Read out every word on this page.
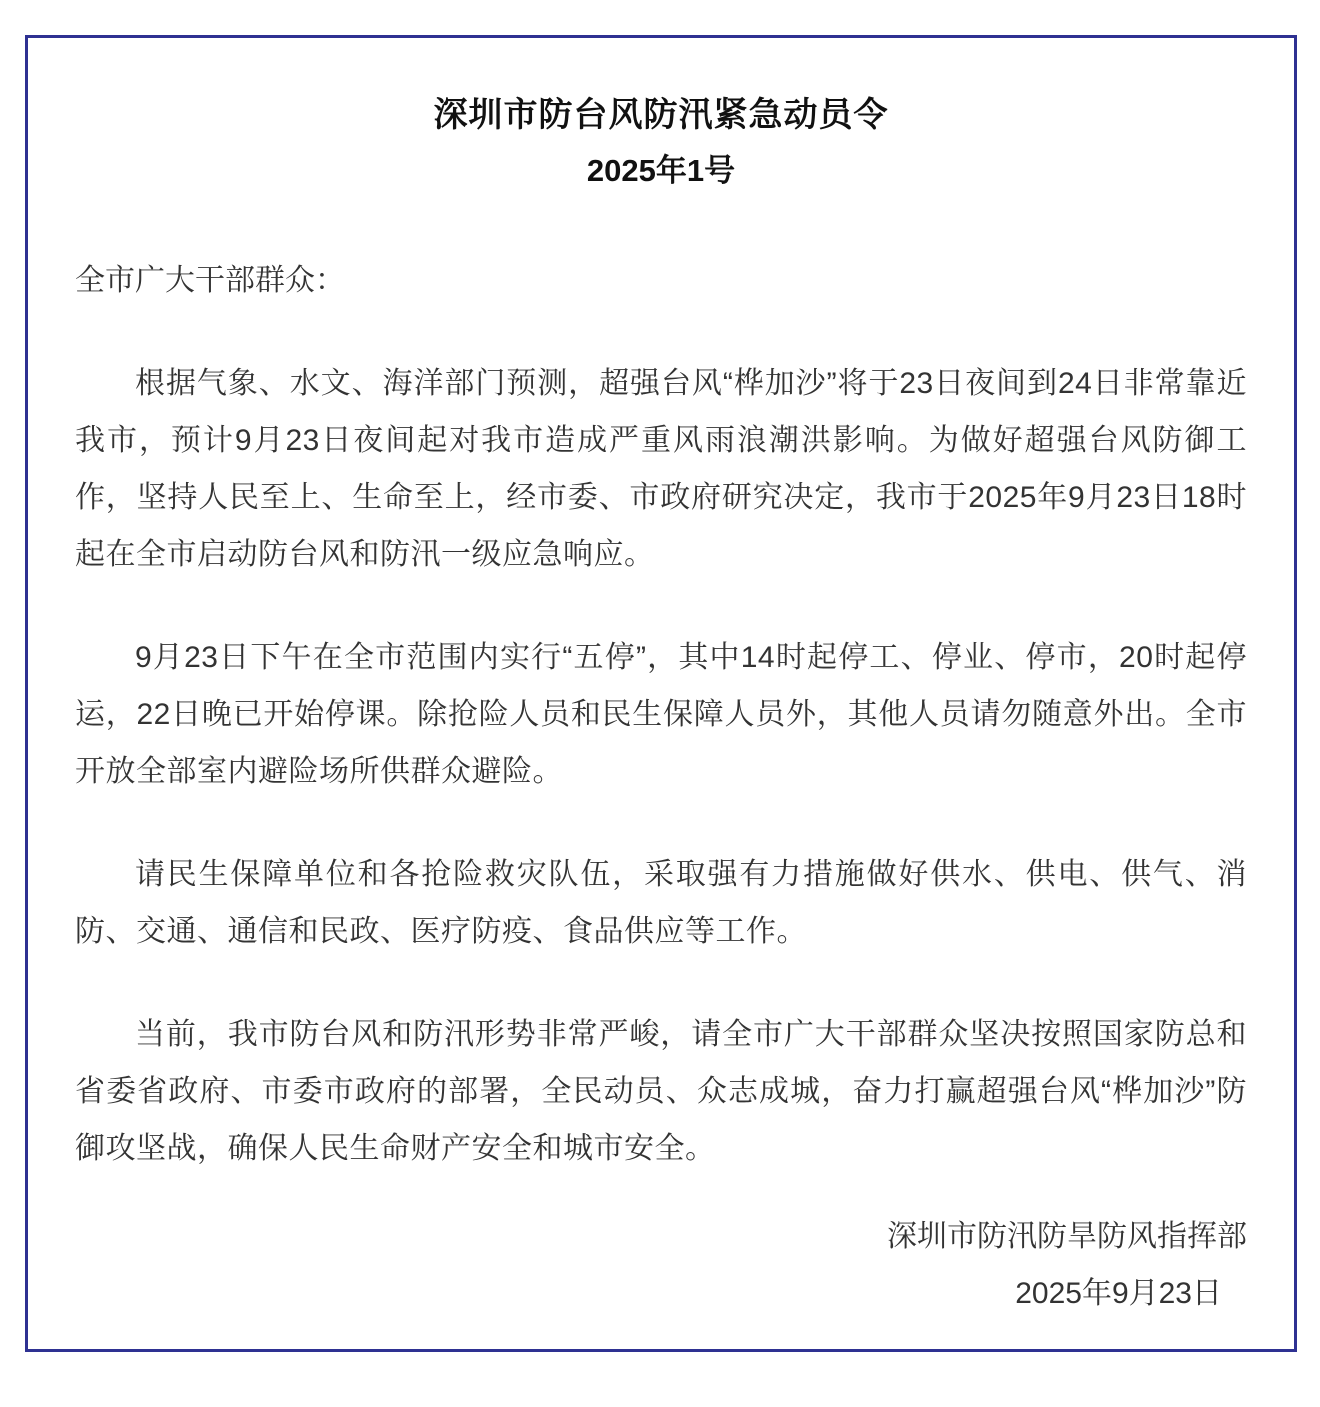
深圳市防台风防汛紧急动员令
2025年1号

全市广大干部群众：

根据气象、水文、海洋部门预测，超强台风“桦加沙”将于23日夜间到24日非常靠近我市，预计9月23日夜间起对我市造成严重风雨浪潮洪影响。为做好超强台风防御工作，坚持人民至上、生命至上，经市委、市政府研究决定，我市于2025年9月23日18时起在全市启动防台风和防汛一级应急响应。

9月23日下午在全市范围内实行“五停”，其中14时起停工、停业、停市，20时起停运，22日晚已开始停课。除抢险人员和民生保障人员外，其他人员请勿随意外出。全市开放全部室内避险场所供群众避险。

请民生保障单位和各抢险救灾队伍，采取强有力措施做好供水、供电、供气、消防、交通、通信和民政、医疗防疫、食品供应等工作。

当前，我市防台风和防汛形势非常严峻，请全市广大干部群众坚决按照国家防总和省委省政府、市委市政府的部署，全民动员、众志成城，奋力打赢超强台风“桦加沙”防御攻坚战，确保人民生命财产安全和城市安全。

深圳市防汛防旱防风指挥部

2025年9月23日
